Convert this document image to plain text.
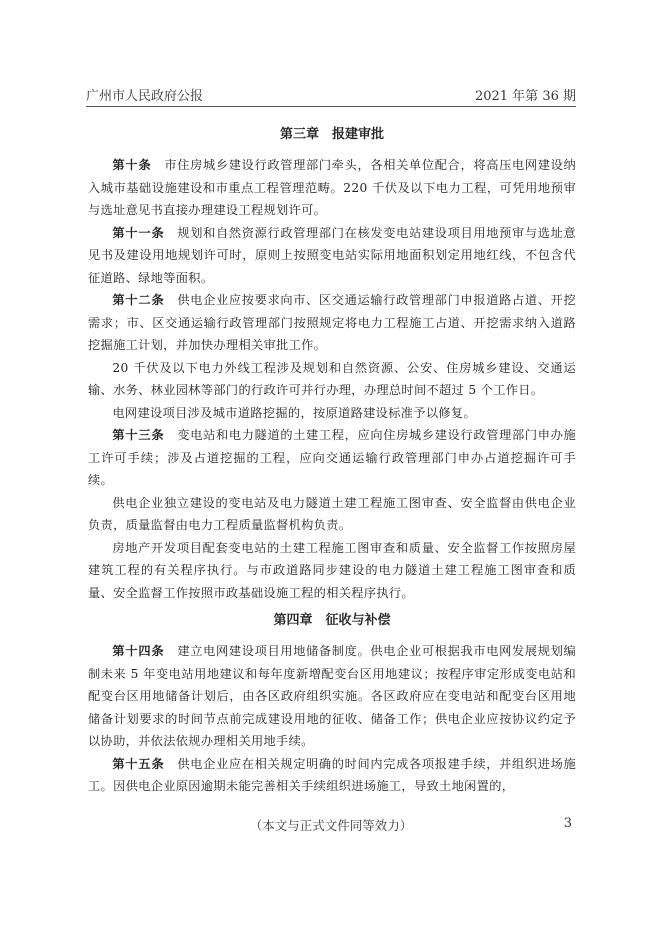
广州市人民政府公报	2021 年第 36 期
第三章　报建审批

第十条　 市住房城乡建设行政管理部门牵头，各相关单位配合，将高压电网建设纳入城市基础设施建设和市重点工程管理范畴。220 千伏及以下电力工程，可凭用地预审与选址意见书直接办理建设工程规划许可。

第十一条　 规划和自然资源行政管理部门在核发变电站建设项目用地预审与选址意见书及建设用地规划许可时，原则上按照变电站实际用地面积划定用地红线，不包含代征道路、绿地等面积。

第十二条　 供电企业应按要求向市、区交通运输行政管理部门申报道路占道、开挖需求；市、区交通运输行政管理部门按照规定将电力工程施工占道、开挖需求纳入道路挖掘施工计划，并加快办理相关审批工作。

20 千伏及以下电力外线工程涉及规划和自然资源、公安、住房城乡建设、交通运输、水务、林业园林等部门的行政许可并行办理，办理总时间不超过 5 个工作日。

电网建设项目涉及城市道路挖掘的，按原道路建设标准予以修复。

第十三条　 变电站和电力隧道的土建工程，应向住房城乡建设行政管理部门申办施工许可手续；涉及占道挖掘的工程，应向交通运输行政管理部门申办占道挖掘许可手续。

供电企业独立建设的变电站及电力隧道土建工程施工图审查、安全监督由供电企业负责，质量监督由电力工程质量监督机构负责。

房地产开发项目配套变电站的土建工程施工图审查和质量、安全监督工作按照房屋建筑工程的有关程序执行。与市政道路同步建设的电力隧道土建工程施工图审查和质量、安全监督工作按照市政基础设施工程的相关程序执行。

第四章　征收与补偿

第十四条　 建立电网建设项目用地储备制度。供电企业可根据我市电网发展规划编制未来 5 年变电站用地建议和每年度新增配变台区用地建议；按程序审定形成变电站和配变台区用地储备计划后，由各区政府组织实施。各区政府应在变电站和配变台区用地储备计划要求的时间节点前完成建设用地的征收、储备工作；供电企业应按协议约定予以协助，并依法依规办理相关用地手续。

第十五条　 供电企业应在相关规定明确的时间内完成各项报建手续，并组织进场施工。因供电企业原因逾期未能完善相关手续组织进场施工，导致土地闲置的，

（本文与正式文件同等效力）	3
